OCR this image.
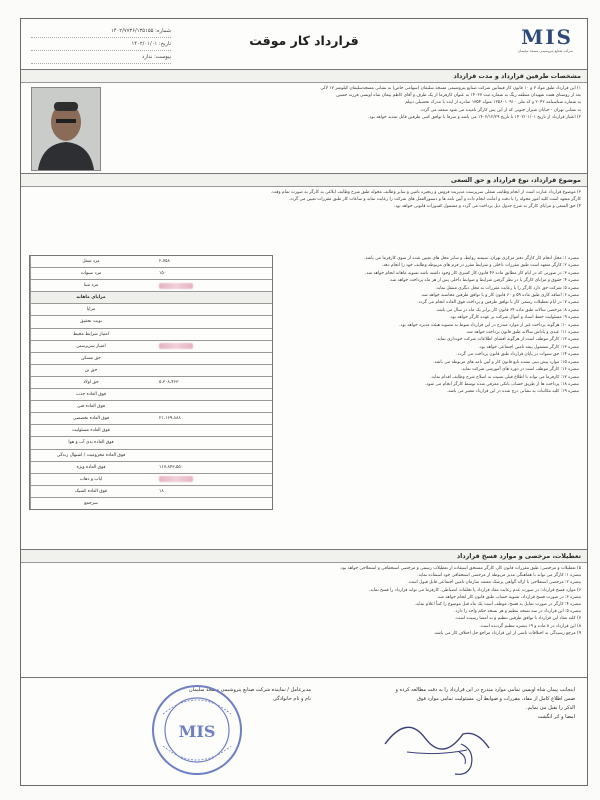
MIS
شرکت صنایع پتروشیمی مسجد سلیمان
قرارداد کار موقت
شماره: ۱۴۰۲/۷۷۳۶/۱۳۵۱۵۵
تاریخ: ۱۴۰۲/۰۱/۰۱
پیوست: ندارد
مشخصات طرفین قرارداد و مدت قرارداد

۱) این قرارداد طبق مواد ۷ و ۱۰ قانون کار فیمابین شرکت صنایع پتروشیمی مسجد سلیمان (سهامی خاص) به نشانی مسجدسلیمان کیلومتر ۱۷ لالی

بعد از روستای هفت شهیدان منطقه ریگ به شماره ثبت ۱۴۰۳۷ به عنوان کارفرما از یک طرف و آقای کاظم پیمان شاه اویسی فرزند حسین

به شماره شناسنامه ۲۰۴۲ و کد ملی ۱۳۵۶۰۱۰۹۱۰ متولد ۱۳۵۴ صادره از ایذه با مدرک تحصیلی دیپلم

به نشانی تهران - خیابان شیراز جنوبی که از این پس کارگر نامیده می شود منعقد می گردد.

۲) اعتبار قرارداد از تاریخ ۱۴۰۲/۰۱/۰۱ تا تاریخ ۱۴۰۲/۱۲/۲۹ می باشد و صرفا با توافق کتبی طرفین قابل تمدید خواهد بود.

موضوع قرارداد، نوع قرارداد و حق السعی

۳) موضوع قرارداد عبارت است از انجام وظایف شغلی سرپرست مدیریت فروش و زنجیره تامین و سایر وظایف محوله طبق شرح وظایف ابلاغی به کارگر به صورت تمام وقت.

کارگر متعهد است کلیه امور محوله را با دقت و امانت انجام داده و آیین نامه ها و دستورالعمل های شرکت را رعایت نماید و ساعات کار طبق مقررات تعیین می گردد.

۴) حق السعی و مزایای کارگر به شرح جدول ذیل پرداخت می گردد و مشمول کسورات قانونی خواهد بود.

مزد شغل	۲،۷۵۸
مزد سنوات	۱۵۰
مزد مبنا
مزایای ماهانه
مزایا
نوبت تحقیق
امتیاز شرایط محیط
امتیاز سرپرستی
حق مسکن
حق بن
حق اولاد	۵،۳۰۸،۴۶۳
فوق العاده جذب
فوق العاده فنی
فوق العاده تخصصی	۲۱،۱۶۹،۸۸۸
فوق العاده مسئولیت
فوق العاده بدی آب و هوا
فوق العاده محرومیت / اشتهال زندگی
فوق العاده ویژه	۱۱۷،۸۴۳،۵۵۰
ایاب و ذهاب
فوق العاده کشیک	۱۸
سرجمع

تبصره ۱: محل انجام کار کارگر دفتر مرکزی تهران، سیمنه روابط، و سایر محل های تعیین شده از سوی کارفرما می باشد.

تبصره ۲: کارگر متعهد است طبق مقررات داخلی و شرایط مقرر در فرم های مربوطه وظایف خود را انجام دهد.

تبصره ۳: در صورتی که در ایام کار مطابق ماده ۴۶ قانون کار کسری کار وجود داشته باشد تسویه ماهانه انجام خواهد شد.

تبصره ۴: حقوق و مزایای کارگر با در نظر گرفتن شرایط و ضوابط داخلی پس از هر ماه پرداخت خواهد شد.

تبصره ۵: شرکت حق دارد کارگر را با رعایت مقررات به محل دیگری منتقل نماید.

تبصره ۶: اضافه کاری طبق ماده ۵۹ و ۶۰ قانون کار و با توافق طرفین محاسبه خواهد شد.

تبصره ۷: در ایام تعطیلات رسمی کار با توافق طرفین و پرداخت فوق العاده انجام می گردد.

تبصره ۸: مرخصی سالانه طبق ماده ۶۴ قانون کار برابر یک ماه در سال می باشد.

تبصره ۹: مسئولیت حفظ اسناد و اموال شرکت بر عهده کارگر خواهد بود.

تبصره ۱۰: هرگونه پرداخت غیر از موارد مندرج در این قرارداد منوط به مصوبه هیئت مدیره خواهد بود.

تبصره ۱۱: عیدی و پاداش سالانه طبق قانون پرداخت خواهد شد.

تبصره ۱۲: کارگر موظف است از هرگونه افشای اطلاعات شرکت خودداری نماید.

تبصره ۱۳: کارگر مشمول بیمه تامین اجتماعی خواهد بود.

تبصره ۱۴: حق سنوات در پایان قرارداد طبق قانون پرداخت می گردد.

تبصره ۱۵: موارد پیش بینی نشده تابع قانون کار و آیین نامه های مربوطه می باشد.

تبصره ۱۶: کارگر موظف است در دوره های آموزشی شرکت نماید.

تبصره ۱۷: کارفرما می تواند با اطلاع قبلی نسبت به اصلاح شرح وظایف اقدام نماید.

تبصره ۱۸: پرداخت ها از طریق حساب بانکی معرفی شده توسط کارگر انجام می شود.

تبصره ۱۹: کلیه مکاتبات به نشانی درج شده در این قرارداد معتبر می باشد.

تعطیلات، مرخصی و موارد فسخ قرارداد

۵) تعطیلات و مرخصی: طبق مقررات قانون کار، کارگر مستحق استفاده از تعطیلات رسمی و مرخصی استحقاقی و استعلاجی خواهد بود.

تبصره ۱: کارگر می تواند با هماهنگی مدیر مربوطه از مرخصی استحقاقی خود استفاده نماید.

تبصره ۲: مرخصی استعلاجی با ارائه گواهی پزشک معتمد سازمان تامین اجتماعی قابل قبول است.

۶) موارد فسخ قرارداد: در صورت عدم رعایت مفاد قرارداد یا تخلفات انضباطی، کارفرما می تواند قرارداد را فسخ نماید.

تبصره ۳: در صورت فسخ قرارداد، تسویه حساب طبق قانون کار انجام خواهد شد.

تبصره ۴: کارگر در صورت تمایل به فسخ، موظف است یک ماه قبل موضوع را کتباً اعلام نماید.

تبصره ۵: این قرارداد در سه نسخه تنظیم و هر نسخه حکم واحد را دارد.

۷) کلیه مفاد این قرارداد با توافق طرفین تنظیم و به امضا رسیده است.

۸) این قرارداد در ۸ ماده و ۱۹ تبصره تنظیم گردیده است.

۹) مرجع رسیدگی به اختلافات ناشی از این قرارداد مراجع حل اختلاف کار می باشد.

اینجانب پیمان شاه اویسی تمامی موارد مندرج در این قرارداد را به دقت مطالعه کرده و
ضمن اطلاع کامل از مفاد، مقررات و ضوابط آن، مسئولیت تمامی موارد فوق
الذکر را تقبل می نمایم.
امضا و اثر انگشت
مدیرعامل / نماینده شرکت صنایع پتروشیمی مسجد سلیمان
نام و نام خانوادگی
MIS
